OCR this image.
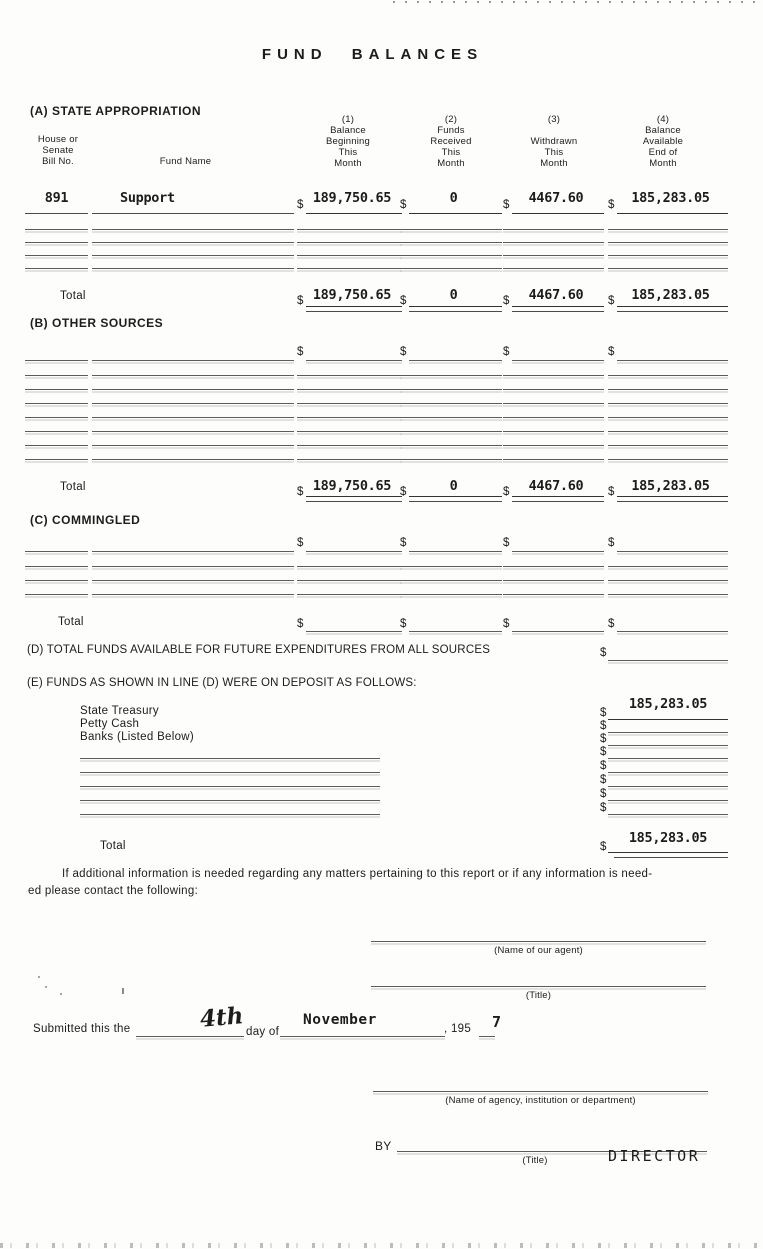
FUND BALANCES
(A) STATE APPROPRIATION
House or
Senate
Bill No.	Fund Name
(1)
Balance
Beginning
This
Month
(2)
Funds
Received
This
Month
(3)
Withdrawn
This
Month
(4)
Balance
Available
End of
Month
891	Support	$ 189,750.65 $	0	$	4467.60	$	185,283.05
Total	$ 189,750.65 $	0	$	4467.60	$	185,283.05
(B) OTHER SOURCES
$	$	$	$
Total	$ 189,750.65 $	0	$	4467.60	$	185,283.05
(C) COMMINGLED
$	$	$	$
Total	$	$	$	$
(D) TOTAL FUNDS AVAILABLE FOR FUTURE EXPENDITURES FROM ALL SOURCES	$
(E) FUNDS AS SHOWN IN LINE (D) WERE ON DEPOSIT AS FOLLOWS:
State Treasury	185,283.05
$
Petty Cash	$
Banks (Listed Below)	$
$
$
$
$
$
Total	185,283.05
$
If additional information is needed regarding any matters pertaining to this report or if any information is need-
ed please contact the following:
(Name of our agent)
(Title)
Submitted this the	4th day of
November
, 195 7
(Name of agency, institution or department)
BY
(Title)	DIRECTOR
